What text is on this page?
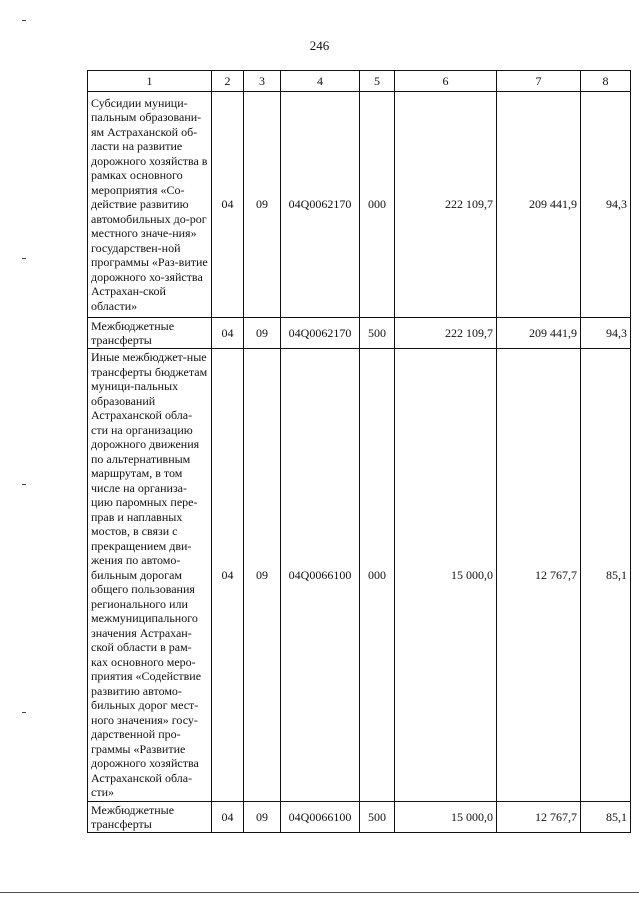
246
1	2	3	4	5	6	7	8
Субсидии муници-пальным образовани-ям Астраханской об-ласти на развитие дорожного хозяйства в рамках основного мероприятия «Со-действие развитию автомобильных до-рог местного значе-ния» государствен-ной программы «Раз-витие дорожного хо-зяйства Астрахан-ской области»	04	09	04Q0062170	000	222 109,7	209 441,9	94,3
Межбюджетные трансферты	04	09	04Q0062170	500	222 109,7	209 441,9	94,3
Иные межбюджет-ные трансферты бюджетам муници-пальных образований Астраханской обла-сти на организацию дорожного движения по альтернативным маршрутам, в том числе на организа-цию паромных пере-прав и наплавных мостов, в связи с прекращением дви-жения по автомо-бильным дорогам общего пользования регионального или межмуниципального значения Астрахан-ской области в рам-ках основного меро-приятия «Содействие развитию автомо-бильных дорог мест-ного значения» госу-дарственной про-граммы «Развитие дорожного хозяйства Астраханской обла-сти»	04	09	04Q0066100	000	15 000,0	12 767,7	85,1
Межбюджетные трансферты	04	09	04Q0066100	500	15 000,0	12 767,7	85,1
